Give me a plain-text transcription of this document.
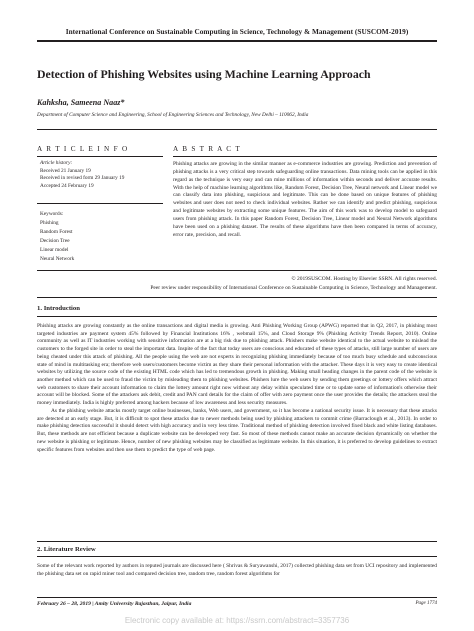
International Conference on Sustainable Computing in Science, Technology & Management (SUSCOM-2019)
Detection of Phishing Websites using Machine Learning Approach
Kahksha, Sameena Naaz*
Department of Computer Science and Engineering, School of Engineering Sciences and Technology, New Delhi – 110062, India
A R T I C L E I N F O
Article history:
Received 21 January 19
Received in revised form 29 January 19
Accepted 24 February 19
Keywords:
Phishing
Random Forest
Decision Tree
Linear model
Neural Network
A B S T R A C T
Phishing attacks are growing in the similar manner as e-commerce industries are growing. Prediction and prevention of phishing attacks is a very critical step towards safeguarding online transactions. Data mining tools can be applied in this regard as the technique is very easy and can mine millions of information within seconds and deliver accurate results. With the help of machine learning algorithms like, Random Forest, Decision Tree, Neural network and Linear model we can classify data into phishing, suspicious and legitimate. This can be done based on unique features of phishing websites and user does not need to check individual websites. Rather we can identify and predict phishing, suspicious and legitimate websites by extracting some unique features. The aim of this work was to develop model to safeguard users from phishing attack. In this paper Random Forest, Decision Tree, Linear model and Neural Network algorithms have been used on a phishing dataset. The results of these algorithms have then been compared in terms of accuracy, error rate, precision, and recall.
© 2019SUSCOM. Hosting by Elsevier SSRN. All rights reserved.
Peer review under responsibility of International Conference on Sustainable Computing in Science, Technology and Management.
1. Introduction

Phishing attacks are growing constantly as the online transactions and digital media is growing. Anti Phishing Working Group (APWG) reported that in Q2, 2017, in phishing most targeted industries are payment system 45% followed by Financial Institutions 16% , webmail 15%, and Cloud Storage 9% (Phishing Activity Trends Report, 2010). Online community as well as IT industries working with sensitive information are at a big risk due to phishing attack. Phishers make website identical to the actual website to mislead the customers to the forged site in order to steal the important data. Inspite of the fact that today users are conscious and educated of these types of attacks, still large number of users are being cheated under this attack of phishing. All the people using the web are not experts in recognizing phishing immediately because of too much busy schedule and subconscious state of mind in multitasking era; therefore web users/customers become victim as they share their personal information with the attacker. These days it is very easy to create identical websites by utilizing the source code of the existing HTML code which has led to tremendous growth in phishing. Making small heading changes in the parent code of the website is another method which can be used to fraud the victim by misleading them to phishing websites. Phishers lure the web users by sending them greetings or lottery offers which attract web customers to share their account information to claim the lottery amount right now without any delay within speculated time or to update some of information's otherwise their account will be blocked. Some of the attackers ask debit, credit and PAN card details for the claim of offer with zero payment once the user provides the details; the attackers steal the money immediately. India is highly preferred among hackers because of low awareness and less security measures.

As the phishing website attacks mostly target online businesses, banks, Web users, and government, so it has become a national security issue. It is necessary that these attacks are detected at an early stage. But, it is difficult to spot these attacks due to newer methods being used by phishing attackers to commit crime (Barraclough et al., 2013). In order to make phishing detection successful it should detect with high accuracy and in very less time. Traditional method of phishing detection involved fixed black and white listing databases. But, these methods are not efficient because a duplicate website can be developed very fast. So most of these methods cannot make an accurate decision dynamically on whether the new website is phishing or legitimate. Hence, number of new phishing websites may be classified as legitimate website. In this situation, it is preferred to develop guidelines to extract specific features from websites and then use them to predict the type of web page.

2. Literature Review
Some of the relevant work reported by authors in reputed journals are discussed here ( Shrivas & Suryawanshi, 2017) collected phishing data set from UCI repository and implemented the phishing data set on rapid miner tool and compared decision tree, random tree, random forest algorithms for
February 26 – 28, 2019 | Amity University Rajasthan, Jaipur, India	Page 1774
Electronic copy available at: https://ssrn.com/abstract=3357736
